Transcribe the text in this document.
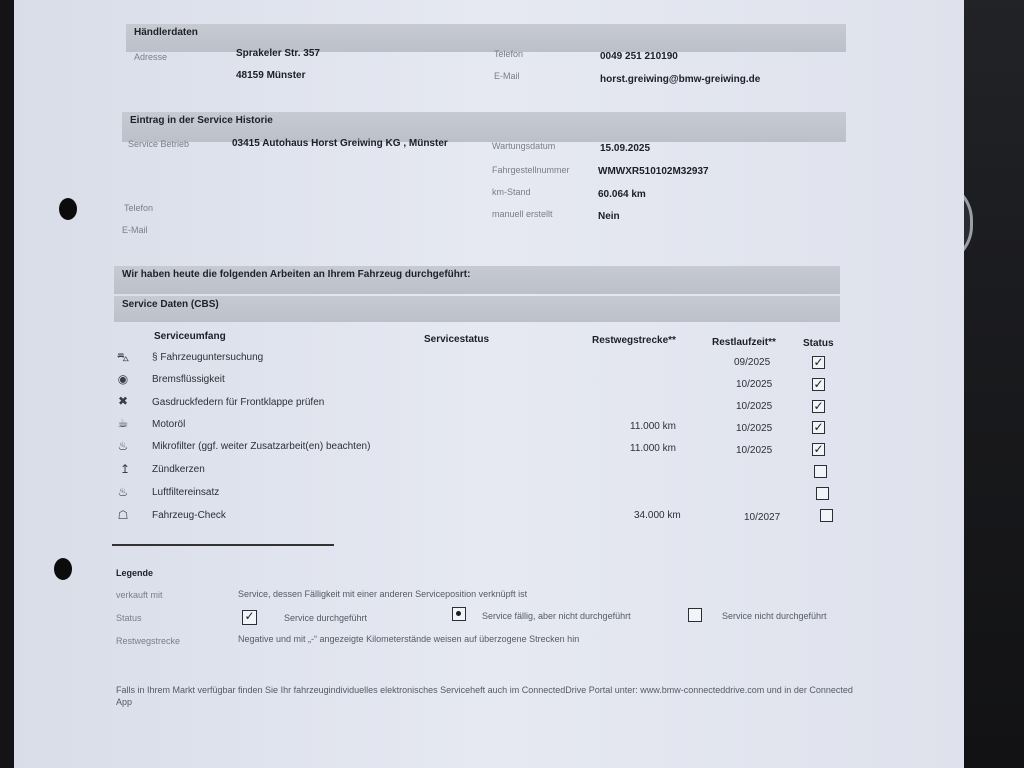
Händlerdaten
Adresse	Sprakeler Str. 357
48159 Münster
Telefon	0049 251 210190
E-Mail	horst.greiwing@bmw-greiwing.de
Eintrag in der Service Historie
Service Betrieb	03415 Autohaus Horst Greiwing KG , Münster	Wartungsdatum	15.09.2025
Fahrgestellnummer	WMWXR510102M32937
km-Stand	60.064 km
manuell erstellt	Nein
Telefon
E-Mail
Wir haben heute die folgenden Arbeiten an Ihrem Fahrzeug durchgeführt:
Service Daten (CBS)
Serviceumfang	Servicestatus	Restwegstrecke**	Restlaufzeit**	Status
⛍ § Fahrzeuguntersuchung	09/2025	✓
◉ Bremsflüssigkeit	10/2025	✓
✖ Gasdruckfedern für Frontklappe prüfen	10/2025	✓
☕ Motoröl	11.000 km	10/2025	✓
♨ Mikrofilter (ggf. weiter Zusatzarbeit(en) beachten)	11.000 km	10/2025	✓
↥ Zündkerzen
♨ Luftfiltereinsatz
☖ Fahrzeug-Check	34.000 km	10/2027
Legende
verkauft mit	Service, dessen Fälligkeit mit einer anderen Serviceposition verknüpft ist
Status	✓	Service durchgeführt	Service fällig, aber nicht durchgeführt	Service nicht durchgeführt
Restwegstrecke	Negative und mit „-“ angezeigte Kilometerstände weisen auf überzogene Strecken hin
Falls in Ihrem Markt verfügbar finden Sie Ihr fahrzeugindividuelles elektronisches Serviceheft auch im ConnectedDrive Portal unter: www.bmw-connecteddrive.com und in der Connected App
